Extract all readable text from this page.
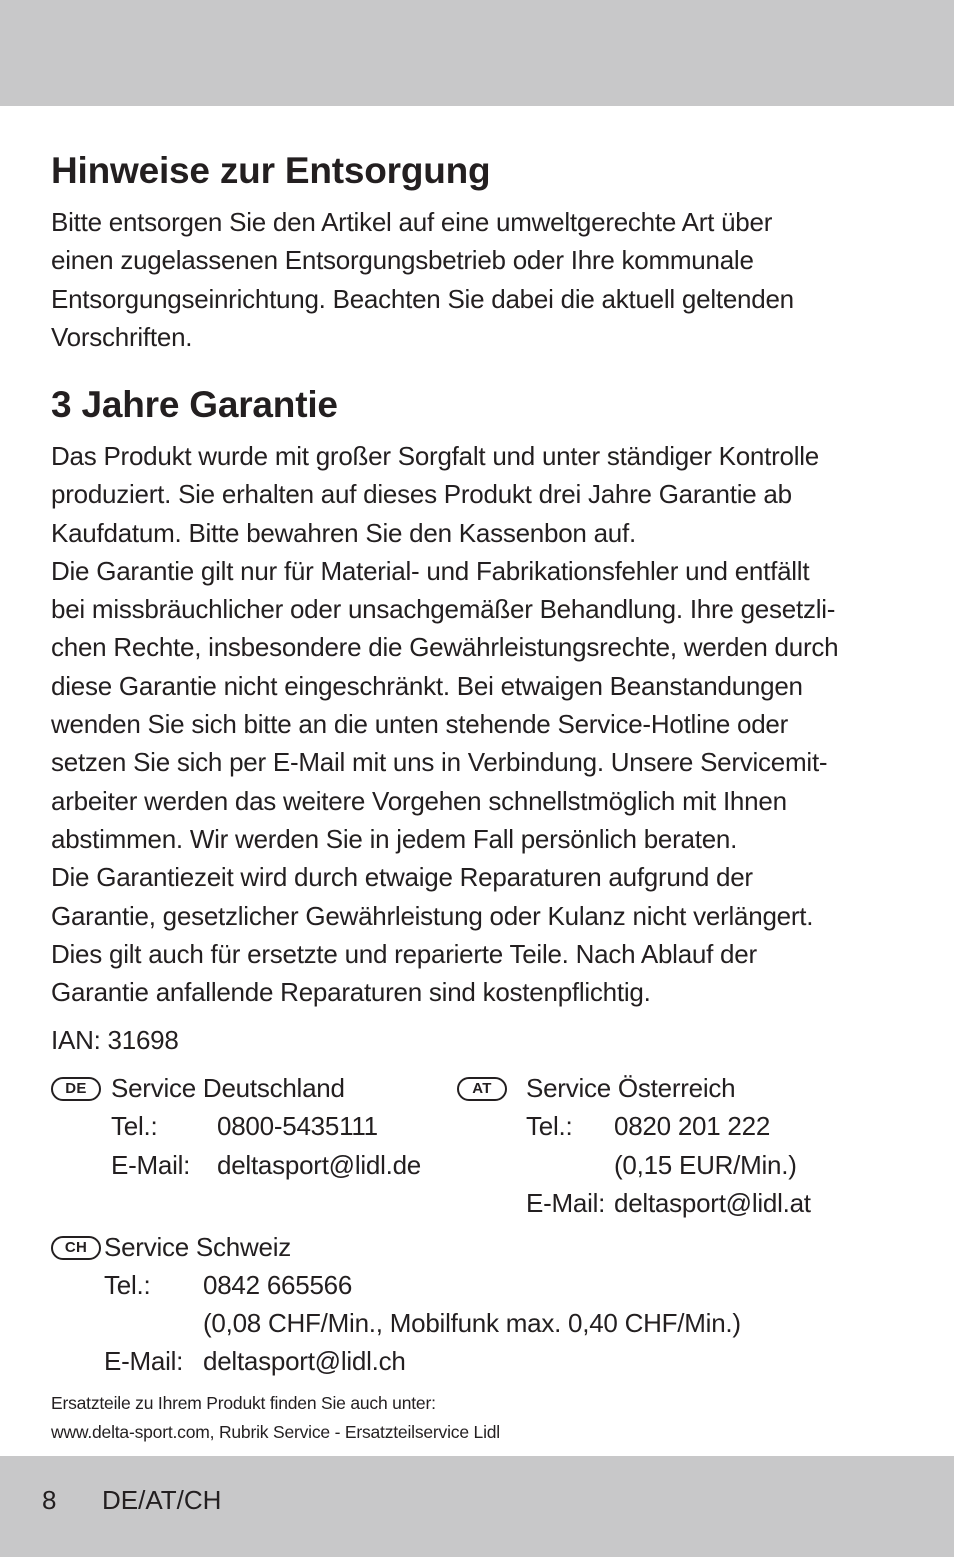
Hinweise zur Entsorgung
Bitte entsorgen Sie den Artikel auf eine umweltgerechte Art über
einen zugelassenen Entsorgungsbetrieb oder Ihre kommunale
Entsorgungseinrichtung. Beachten Sie dabei die aktuell geltenden
Vorschriften.
3 Jahre Garantie
Das Produkt wurde mit großer Sorgfalt und unter ständiger Kontrolle
produziert. Sie erhalten auf dieses Produkt drei Jahre Garantie ab
Kaufdatum. Bitte bewahren Sie den Kassenbon auf.
Die Garantie gilt nur für Material- und Fabrikationsfehler und entfällt
bei missbräuchlicher oder unsachgemäßer Behandlung. Ihre gesetzli-
chen Rechte, insbesondere die Gewährleistungsrechte, werden durch
diese Garantie nicht eingeschränkt. Bei etwaigen Beanstandungen
wenden Sie sich bitte an die unten stehende Service-Hotline oder
setzen Sie sich per E-Mail mit uns in Verbindung. Unsere Servicemit-
arbeiter werden das weitere Vorgehen schnellstmöglich mit Ihnen
abstimmen. Wir werden Sie in jedem Fall persönlich beraten.
Die Garantiezeit wird durch etwaige Reparaturen aufgrund der
Garantie, gesetzlicher Gewährleistung oder Kulanz nicht verlängert.
Dies gilt auch für ersetzte und reparierte Teile. Nach Ablauf der
Garantie anfallende Reparaturen sind kostenpflichtig.
IAN: 31698
DE Service Deutschland
Tel.: 0800-5435111
E-Mail: deltasport@lidl.de
AT	Service Österreich
Tel.: 0820 201 222
(0,15 EUR/Min.)
E-Mail: deltasport@lidl.at
CH Service Schweiz
Tel.: 0842 665566
(0,08 CHF/Min., Mobilfunk max. 0,40 CHF/Min.)
E-Mail: deltasport@lidl.ch
Ersatzteile zu Ihrem Produkt finden Sie auch unter:
www.delta-sport.com, Rubrik Service - Ersatzteilservice Lidl
8 DE/AT/CH
